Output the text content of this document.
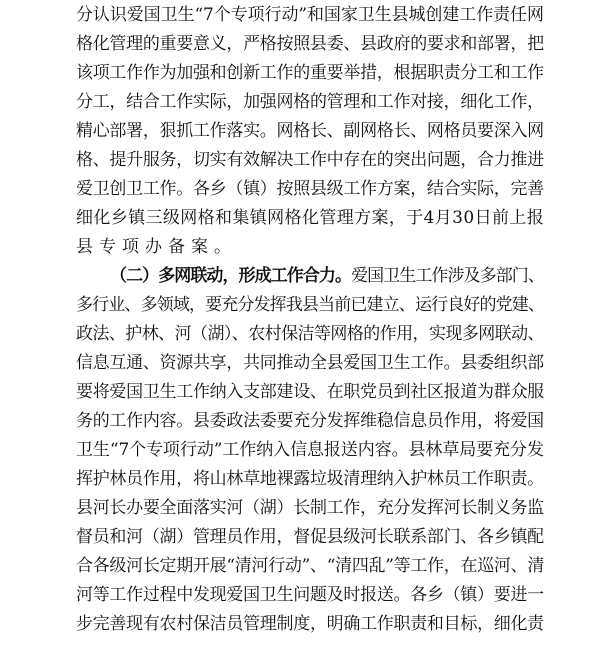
分认识爱国卫生“7个专项行动”和国家卫生县城创建工作责任网
格化管理的重要意义，严格按照县委、县政府的要求和部署，把
该项工作作为加强和创新工作的重要举措，根据职责分工和工作
分工，结合工作实际，加强网格的管理和工作对接，细化工作，
精心部署，狠抓工作落实。网格长、副网格长、网格员要深入网
格、提升服务，切实有效解决工作中存在的突出问题，合力推进
爱卫创卫工作。各乡（镇）按照县级工作方案，结合实际，完善
细化乡镇三级网格和集镇网格化管理方案，于4月30日前上报
县专项办备案。
（二）多网联动，形成工作合力。爱国卫生工作涉及多部门、
多行业、多领域，要充分发挥我县当前已建立、运行良好的党建、
政法、护林、河（湖）、农村保洁等网格的作用，实现多网联动、
信息互通、资源共享，共同推动全县爱国卫生工作。县委组织部
要将爱国卫生工作纳入支部建设、在职党员到社区报道为群众服
务的工作内容。县委政法委要充分发挥维稳信息员作用，将爱国
卫生“7个专项行动”工作纳入信息报送内容。县林草局要充分发
挥护林员作用，将山林草地裸露垃圾清理纳入护林员工作职责。
县河长办要全面落实河（湖）长制工作，充分发挥河长制义务监
督员和河（湖）管理员作用，督促县级河长联系部门、各乡镇配
合各级河长定期开展“清河行动”、“清四乱”等工作，在巡河、清
河等工作过程中发现爱国卫生问题及时报送。各乡（镇）要进一
步完善现有农村保洁员管理制度，明确工作职责和目标，细化责
